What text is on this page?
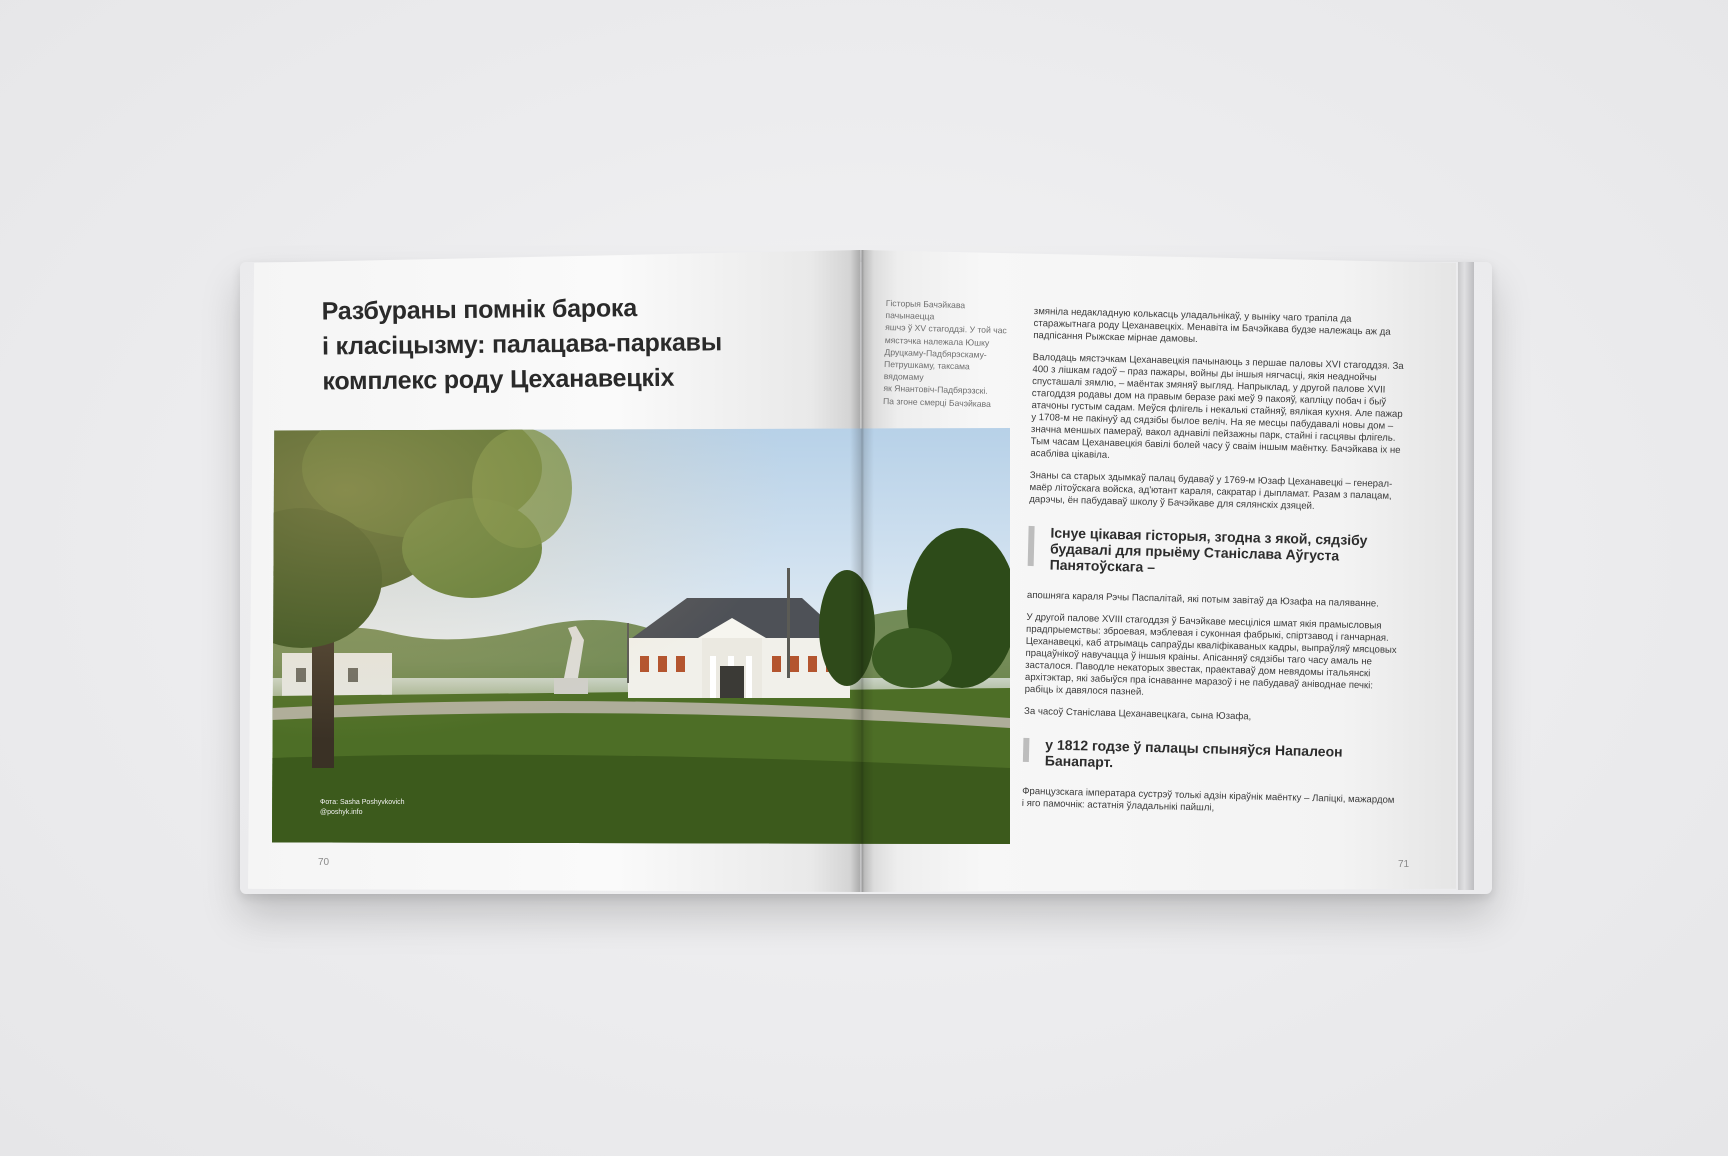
Разбураны помнік барока
і класіцызму: палацава-паркавы
комплекс роду Цеханавецкіх
Фота: Sasha Poshyvkovich
@poshyk.info
70	71
Гісторыя Бачэйкава пачынаецца
яшчэ ў XV стагоддзі. У той час
мястэчка належала Юшку
Друцкаму-Падбярэскаму-
Петрушкаму, таксама вядомаму
як Янантовіч-Падбярэзскі.
Па згоне смерці Бачэйкава

змяніла недакладную колькасць уладальнікаў, у выніку чаго трапіла да старажытнага роду Цеханавецкіх. Менавіта ім Бачэйкава будзе належаць аж да падпісання Рыжскае мірнае дамовы.

Валодаць мястэчкам Цеханавецкія пачынаюць з першае паловы XVI стагоддзя. За 400 з лішкам гадоў – праз пажары, войны ды іншыя нягчасці, якія неаднойчы спусташалі зямлю, – маёнтак змяняў выгляд. Напрыклад, у другой палове XVII стагоддзя родавы дом на правым беразе ракі меў 9 пакояў, капліцу побач і быў атачоны густым садам. Меўся флігель і некалькі стайняў, вялікая кухня. Але пажар у 1708-м не пакінуў ад сядзібы былое веліч. На яе месцы пабудавалі новы дом – значна меншых памераў, вакол аднавілі пейзажны парк, стайні і гасцявы флігель. Тым часам Цеханавецкія бавілі болей часу ў сваім іншым маёнтку. Бачэйкава іх не асабліва цікавіла.

Знаны са старых здымкаў палац будаваў у 1769-м Юзаф Цеханавецкі – генерал-маёр літоўскага войска, ад'ютант караля, сакратар і дыпламат. Разам з палацам, дарэчы, ён пабудаваў школу ў Бачэйкаве для сялянскіх дзяцей.

Існуе цікавая гісторыя, згодна з якой, сядзібу будавалі для прыёму Станіслава Аўгуста Панятоўскага –

апошняга караля Рэчы Паспалітай, які потым завітаў да Юзафа на паляванне.

У другой палове XVIII стагоддзя ў Бачэйкаве месціліся шмат якія прамысловыя прадпрыемствы: зброевая, мэблевая і суконная фабрыкі, спіртзавод і ганчарная. Цеханавецкі, каб атрымаць сапраўды кваліфікаваных кадры, выпраўляў мясцовых працаўнікоў навучацца ў іншыя краіны. Апісанняў сядзібы таго часу амаль не засталося. Паводле некаторых звестак, праектаваў дом невядомы італьянскі архітэктар, які забыўся пра існаванне маразоў і не пабудаваў аніводнае печкі: рабіць іх давялося пазней.

За часоў Станіслава Цеханавецкага, сына Юзафа,

у 1812 годзе ў палацы спыняўся Напалеон Банапарт.

Французскага імператара сустрэў толькі адзін кіраўнік маёнтку – Лапіцкі, мажардом і яго памочнік: астатнія ўладальнікі пайшлі,
